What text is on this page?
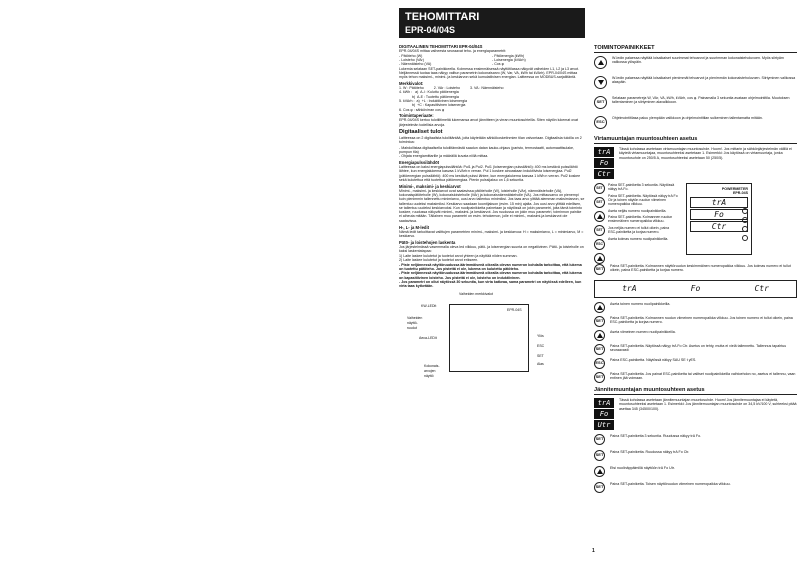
TEHOMITTARI
EPR-04/04S
DIGITAALINEN TEHOMITTARI EPR-04/04S
EPR-04/04S mittaa vaiheesta seuraavat teho- ja energiaparametrit:
- Pätöteho (W)	- Pätöenergia (kWh)
- Loisteho (VAr)	- Loisenergia (kVArh)
- Näennäisteho (VA)	- Cos φ
Lukemia selataan SET-painikkeella. Kolmessa ensimmäisessä näyttötilassa näkyvät vaiheiden L1, L2 ja L3 arvot. Neljännessä tuotaa taas näkyy valitun parametrin kokonaisarvo (W, Var, VA, kWh tai kVArh). EPR-04/04S mittaa myös tehon maksimi-, minimi- ja keskiarvon sekä kumulatiivisen energian. Laitteessa on MODBUS-sarjaliitäntä.
Merkkivalot:
1. W : Pätöteho          2. VAr : Loisteho          3. VA : Näennäisteho
4. kWh :   a)  A-l : Kuluttu pätöenergia
b)  A-E : Tuotettu pätöenergia
5. kVArh :  a)  +L : Induktiivinen loisenergia
b)  +C : Kapasitiivinen loisenergia
6. Cos φ : sähkövirran cos φ
Toimintaperiaate:
EPR-04/04S kertoo tulotilitimeltä lukemansa arvot jännitteen ja virran muuntosuhteilla. Siten näytön lukemat ovat järjestelmän todellisia arvoja.
Digitaaliset tulot
Laitteessa on 2 digitaalista tuloliitäntää, joita käytetään sähkökosketinmien tilan valvontaan. Digitaalisia tuloilla on 2 toimintoa:
- Mahdollistaa digitaalisella tuloliitännästä saadun datan kauko-ohjaus (paristo, termostaatti, automaattisulake, pumpun tila)
- Ohjata energiamittarille ja määrällä kuvata niillä mittaa.
Energiapulssilähdöt
Laitteessa on kaksi energiapulssilähtöä: Pul1 ja Pul2. Pul1 (loisenergian pulssilähtö): 400 ms kestävä pulssilähtö lähtee, kun energialukema kasvaa 1 kVArh:n verran. Pul 1 koskee ainoastaan induktiivista loisenergiaa. Pul2 (pätöenergian pulssilähtö): 400 ms kestävä pulssi lähtee, kun energialukema kasvaa 1 kWh:n verran. Pul2 koskee sekä kulutettua että tuotettua pätöenergiaa. Pienin pulssijakso on 1,6 sekuntia.
Minimi-, maksimi- ja keskiarvot
Minimi-, maksimi- ja keskiarvot ovat saatavissa pätöteholle (W), loisteholle (VAr), näennäisteholle (VA), kokonaispätöteholle (W), kokonaisloisteholle (VAr) ja kokonaisnäennäisteholle (VA). Jos mittausarvo on pienempi kuin pienimmin tallennettu minimiarvo, uusi arvo tallentuu minimiksi. Jos taas arvo ylittää aiemman maksimiarvon, se tallentuu uudeksi maksimiksi. Keskiarvo saadaan koontijakson (esim. 15 min) ajalta. Jos uusi arvo ylittää edellisen, se tallentuu uudeksi keskiarvoksi. Kun nuolipainikkeita painetaan ja näytössä on jokin parametri, joita tämä toiminto koskee, ruudussa näkyvät minimi-, maksimi- ja keskiarvot. Jos ruudussa on jokin muu parametri, toiminnon painike ei aiheuta mitään. Tällainen muu parametri on esim. tehokemon, jolle ei minimi-, maksimi-ja keskiarvot ole saatavissa.
H-, L- ja M-ledit
Nämä ledit tarkoittavat valittujen parametrien minimi-, maksimi- ja keskiarvoa: H = maksimiarvo, L = minimiarvo, M = keskiarvo.
Pätö- ja loistehojen laskenta
Jos järjestelmässä vasemmalla oleva led vilkkuu, pätö- ja loisenergian suunta on negatiivinen. Pätö- ja loisteholle on kaksi laskentatapaa:
1) Laite laskee kulutetut ja tuotetut arvot yhteen ja näyttää niiden summan.
2) Laite laskee kulutetut ja tuotetut arvot erikseen.
- Piste neljännessä näyttöruudussa äärimmäisenä oikealla olevan numeron kohdalla tarkoittaa, että lukema on tuotettu pätöteho. Jos pistettä ei ole, lukema on kulutettu pätöteho.
- Piste neljännessä näyttöruudussa äärimmäisenä oikealla olevan numeron kohdalla tarkoittaa, että lukema on kapasitiivinen loisteho. Jos pistettä ei ole, loisteho on induktiivinen.
- Jos parametri on ollut näytössä 30 sekuntia, kun virta katkeaa, sama parametri on näytössä edelleen, kun virta taas kytketään.
Vaiheiden merkkivalot
KW-LEDit
Vaiheiden
näyttö-
ruudut
Aeca-LEDit
EPR-04S
Ylös
ESC
SET
Alas
Kokonais-
arvojen
näyttö
TOIMINTOPAINIKKEET
W-ledin palaessa näyttää loisaikaiset suurimmat tehoarvot ja suurimman kokonaisteholuvoen. Myös siirtyäm valikossa ylöspäin.
W-ledin palaessa näyttää loisaikaiset pienimmät tehoarvot ja pienimmän kokonaisteholuvoen. Siirtyminen valikossa alaspäin.
SET
Selataan parametreja W, VAr, VA, kWh, kVArh, cos φ. Painamalla 3 sekuntia avataan ohjelmointitila. Muutoksen tallentaminen ja siirtyminen alavalikkoon.
ESC
Ohjelmointitilasa paluu ylempään valikkoon ja ohjelmointitilan sulkeminen tallentamatta mitään.
Virtamuuntajan muuntosuhteen asetus
trA
Fo
Ctr
Tässä kohdassa asetetaan virtamuuntajan muuntosuhde. Huom!. Jos mittarin ja sähkönjärjestelmän välillä ei käytetä virtamuuntajaa, muuntosuhteeksi asetetaan 1. Esimerkki: Jos käytössä on virtamuuntaja, jonka muuntosuhde on 250/5 A, muuntosuhteeksi asetetaan 50 (250/5).
SET
SET
SET
ESC
Paina SET-painiketta 3 sekuntia. Näytössä näkyy trA Fo.
Paina SET-painiketta. Näytössä näkyy trA Fo Ctr ja toinen näytön ruudun viimeinen numeropaikka vilkkuu.
Aseta neljäs numero nuolipainikkeilla.
Paina SET-painiketta. Kolmannen ruudun ensimmäinen numeropaikka vilkkuu.
Jos neljäs numero ei tullut oikein, paina ESC-painiketta ja korjaa numero.
Aseta kolmas numero nuolipainikkeilla.
POWERMETER
EPR-04S
trA
Fo
Ctr
SET
Paina SET-painiketta. Kolmannen näyttöruudun keskimmäinen numeropaikka vilkkuu. Jos kolmas numero ei tullut oikein, paina ESC-painiketta ja korjaa numero.
trA	Fo	Ctr
Aseta toinen numero nuolipainikkeilla.
SET
Paina SET-painiketta. Kolmannen ruudun viimeinen numeropaikka vilkkuu. Jos toinen numero ei tullut oikein, paina ESC-painiketta ja korjaa numero.
Aseta viimeinen numero nuolipainikkeilla.
SET
Paina SET-painiketta. Näytössä näkyy trA Fo Ctr. Asetus on tehty, mutta ei vielä tallennettu. Tallennus tapahtuu seuraavasti:
ESC
Paina ESC-painiketta. Näytössä näkyy SAU SE t yES.
SET
Paina SET-painiketta. Jos painat ESC-painiketta tai valitset nuolipainikkeilla vaihtoehdon no, asetus ei tallennu, vaan entinen jää voimaan.
Jännitemuuntajan muuntosuhteen asetus
trA
Fo
Utr
Tässä kohdassa asetetaan jännitemuuntajan muuntosuhde. Huom! Jos jännitemuuntajaa ei käytetä, muuntosuhteeksi asetetaan 1. Esimerkki: Jos jännitemuuntajan muuntosuhde on 34,5 kV/100 V, suhteeksi pitää asettaa 345 (34500/100).
SET
Paina SET-painiketta 3 sekuntia. Ruudussa näkyy trA Fo.
SET
Paina SET-painiketta. Ruudussa näkyy trA Fo Ctr.
Etsi nuolinäppäimillä näyttöön trA Fo Utr.
SET
Paina SET-painiketta. Toisen näyttöruudun viimeinen numeropaikka vilkkuu.
1
